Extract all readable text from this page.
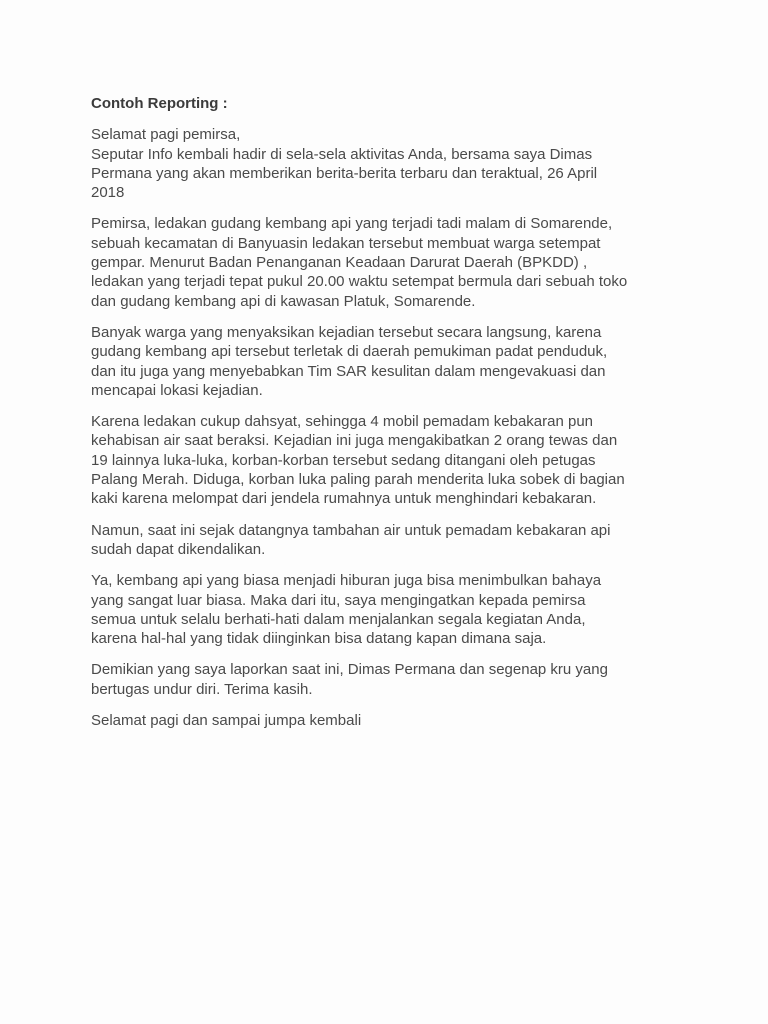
Contoh Reporting :
Selamat pagi pemirsa,
Seputar Info kembali hadir di sela-sela aktivitas Anda, bersama saya Dimas
Permana yang akan memberikan berita-berita terbaru dan teraktual, 26 April
2018
Pemirsa, ledakan gudang kembang api yang terjadi tadi malam di Somarende,
sebuah kecamatan di Banyuasin ledakan tersebut membuat warga setempat
gempar. Menurut Badan Penanganan Keadaan Darurat Daerah (BPKDD) ,
ledakan yang terjadi tepat pukul 20.00 waktu setempat bermula dari sebuah toko
dan gudang kembang api di kawasan Platuk, Somarende.
Banyak warga yang menyaksikan kejadian tersebut secara langsung, karena
gudang kembang api tersebut terletak di daerah pemukiman padat penduduk,
dan itu juga yang menyebabkan Tim SAR kesulitan dalam mengevakuasi dan
mencapai lokasi kejadian.
Karena ledakan cukup dahsyat, sehingga 4 mobil pemadam kebakaran pun
kehabisan air saat beraksi. Kejadian ini juga mengakibatkan 2 orang tewas dan
19 lainnya luka-luka, korban-korban tersebut sedang ditangani oleh petugas
Palang Merah. Diduga, korban luka paling parah menderita luka sobek di bagian
kaki karena melompat dari jendela rumahnya untuk menghindari kebakaran.
Namun, saat ini sejak datangnya tambahan air untuk pemadam kebakaran api
sudah dapat dikendalikan.
Ya, kembang api yang biasa menjadi hiburan juga bisa menimbulkan bahaya
yang sangat luar biasa. Maka dari itu, saya mengingatkan kepada pemirsa
semua untuk selalu berhati-hati dalam menjalankan segala kegiatan Anda,
karena hal-hal yang tidak diinginkan bisa datang kapan dimana saja.
Demikian yang saya laporkan saat ini, Dimas Permana dan segenap kru yang
bertugas undur diri. Terima kasih.
Selamat pagi dan sampai jumpa kembali
